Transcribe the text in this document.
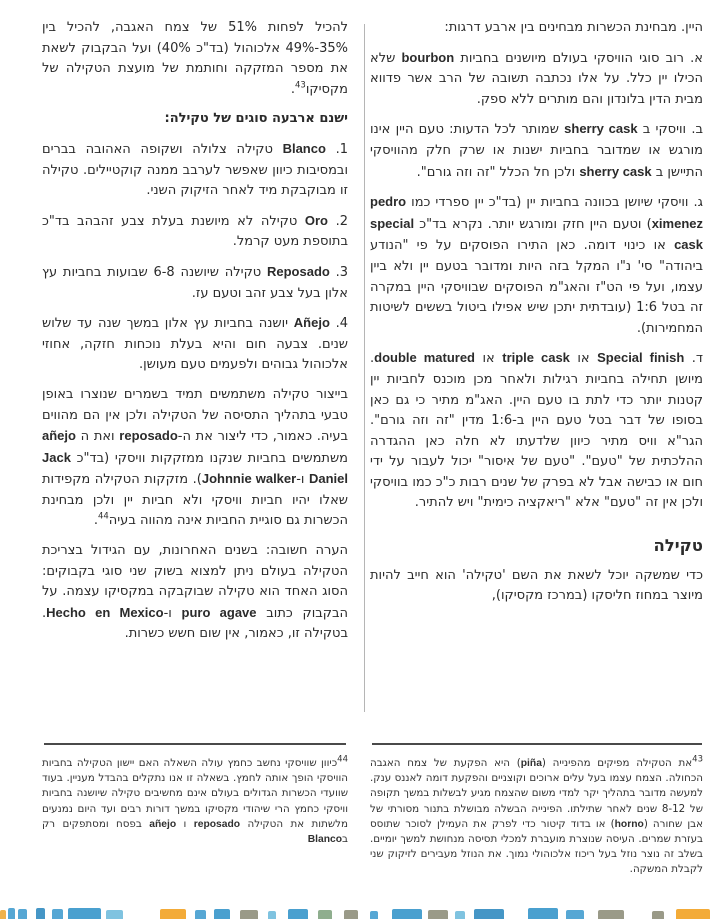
היין. מבחינת הכשרות מבחינים בין ארבע דרגות:

א. רוב סוגי הוויסקי בעולם מיושנים בחביות bourbon שלא הכילו יין כלל. על אלו נכתבה תשובה של הרב אשר פדווא מבית הדין בלונדון והם מותרים ללא ספק.

ב. וויסקי ב sherry cask שמותר לכל הדעות: טעם היין אינו מורגש או שמדובר בחביות ישנות או שרק חלק מהוויסקי התיישן ב sherry cask ולכן חל הכלל "זה וזה גורם".

ג. וויסקי שיושן בכוונה בחביות יין (בד"כ יין ספרדי כמו pedro ximenez) וטעם היין חזק ומורגש יותר. נקרא בד"כ special cask או כינוי דומה. כאן התירו הפוסקים על פי "הנודע ביהודה" סי' נ"ו המקל בזה היות ומדובר בטעם יין ולא ביין עצמו, ועל פי הט"ז והאג"מ הפוסקים שבוויסקי היין במקרה זה בטל 1:6 (עובדתית יתכן שיש אפילו ביטול בששים לשיטות המחמירות).

ד. Special finish או triple cask או double matured. מיושן תחילה בחביות רגילות ולאחר מכן מוכנס לחביות יין קטנות יותר כדי לתת בו טעם היין. האג"מ מתיר כי גם כאן בסופו של דבר בטל טעם היין ב-1:6 מדין "זה וזה גורם". הגר"א וויס מתיר כיוון שלדעתו לא חלה כאן ההגדרה ההלכתית של "טעם". "טעם של איסור" יכול לעבור על ידי חום או כבישה אבל לא בפרק של שנים רבות כ"כ כמו בוויסקי ולכן אין זה "טעם" אלא "ריאקציה כימית" ויש להתיר.

טקילה

כדי שמשקה יוכל לשאת את השם 'טקילה' הוא חייב להיות מיוצר במחוז חליסקו (במרכז מקסיקו),

להכיל לפחות 51% של צמח האגבה, להכיל בין 35%-49% אלכוהול (בד"כ 40%) ועל הבקבוק לשאת את מספר המזקקה וחותמת של מועצת הטקילה של מקסיקו$^{43}$.

ישנם ארבעה סוגים של טקילה:

1. Blanco טקילה צלולה ושקופה האהובה בברים ובמסיבות כיוון שאפשר לערבב ממנה קוקטיילים. טקילה זו מבוקבקת מיד לאחר הזיקוק השני.

2. Oro טקילה לא מיושנת בעלת צבע זהבהב בד"כ בתוספת מעט קרמל.

3. Reposado טקילה שיושנה 6-8 שבועות בחביות עץ אלון בעל צבע זהב וטעם עז.

4. Añejo יושנה בחביות עץ אלון במשך שנה עד שלוש שנים. צבעה חום והיא בעלת נוכחות חזקה, אחוזי אלכוהול גבוהים ולפעמים טעם מעושן.

בייצור טקילה משתמשים תמיד בשמרים שנוצרו באופן טבעי בתהליך התסיסה של הטקילה ולכן אין הם מהווים בעיה. כאמור, כדי ליצור את ה-reposado ואת ה añejo משתמשים בחביות שנקנו ממזקקות וויסקי (בד"כ Jack Daniel ו-Johnnie walker). מזקקות הטקילה מקפידות שאלו יהיו חביות וויסקי ולא חביות יין ולכן מבחינת הכשרות גם סוגיית החביות אינה מהווה בעיה$^{44}$.

הערה חשובה: בשנים האחרונות, עם הגידול בצריכת הטקילה בעולם ניתן למצוא בשוק שני סוגי בקבוקים: הסוג האחד הוא טקילה שבוקבקה במקסיקו עצמה. על הבקבוק כתוב puro agave ו-Hecho en Mexico. בטקילה זו, כאמור, אין שום חשש כשרות.

$^{43}$את הטקילה מפיקים מהפינייה (piña) היא הפקעת של צמח האגבה הכחולה. הצמח עצמו בעל עלים ארוכים וקוצניים והפקעת דומה לאננס ענק. למעשה מדובר בתהליך יקר למדי משום שהצמח מגיע לבשלות במשך תקופה של 8-12 שנים לאחר שתילתו. הפינייה הבשלה מבושלת בתנור מסורתי של אבן שחורה (horno) או בדוד קיטור כדי לפרק את העמילן לסוכר שתוסס בעזרת שמרים. העיסה שנוצרת מועברת למכלי תסיסה מנחושת למשך יומיים. בשלב זה נוצר נוזל בעל ריכוז אלכוהולי נמוך. את הנוזל מעבירים לזיקוק שני לקבלת המשקה.

$^{44}$כיוון שוויסקי נחשב כחמץ עולה השאלה האם יישון הטקילה בחביות הוויסקי הופך אותה לחמץ. בשאלה זו אנו נתקלים בהבדל מעניין. בעוד שוועדי הכשרות הגדולים בעולם אינם מחשיבים טקילה שיושנה בחביות וויסקי כחמץ הרי שיהודי מקסיקו במשך דורות רבים ועד היום נמנעים מלשתות את הטקילה reposado ו añejo בפסח ומסתפקים רק בBlanco
